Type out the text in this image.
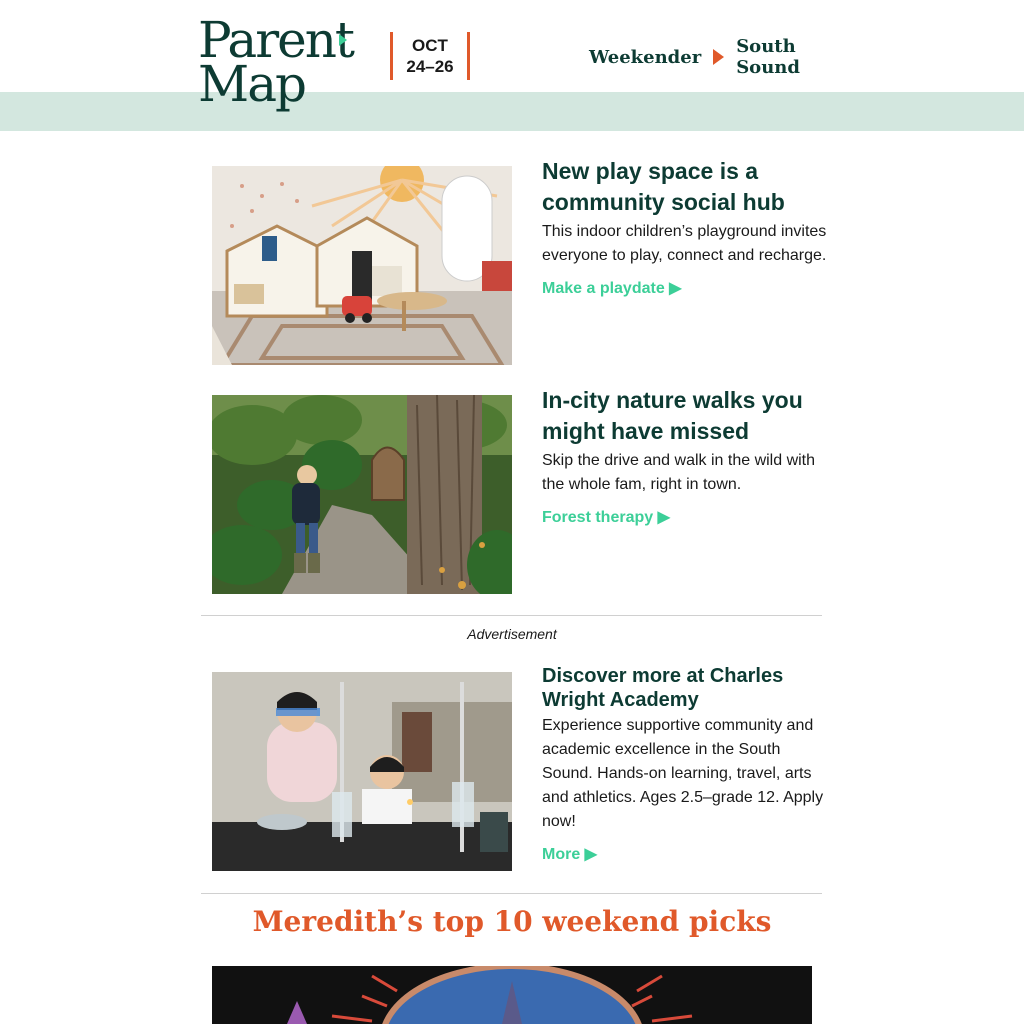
Parent
Map
OCT
24–26	Weekender South Sound
New play space is a community social hub

This indoor children’s playground invites everyone to play, connect and recharge.

Make a playdate ▶
In-city nature walks you might have missed

Skip the drive and walk in the wild with the whole fam, right in town.

Forest therapy ▶
Advertisement
Discover more at Charles Wright Academy

Experience supportive community and academic excellence in the South Sound. Hands-on learning, travel, arts and athletics. Ages 2.5–grade 12. Apply now!

More ▶
Meredith’s top 10 weekend picks
